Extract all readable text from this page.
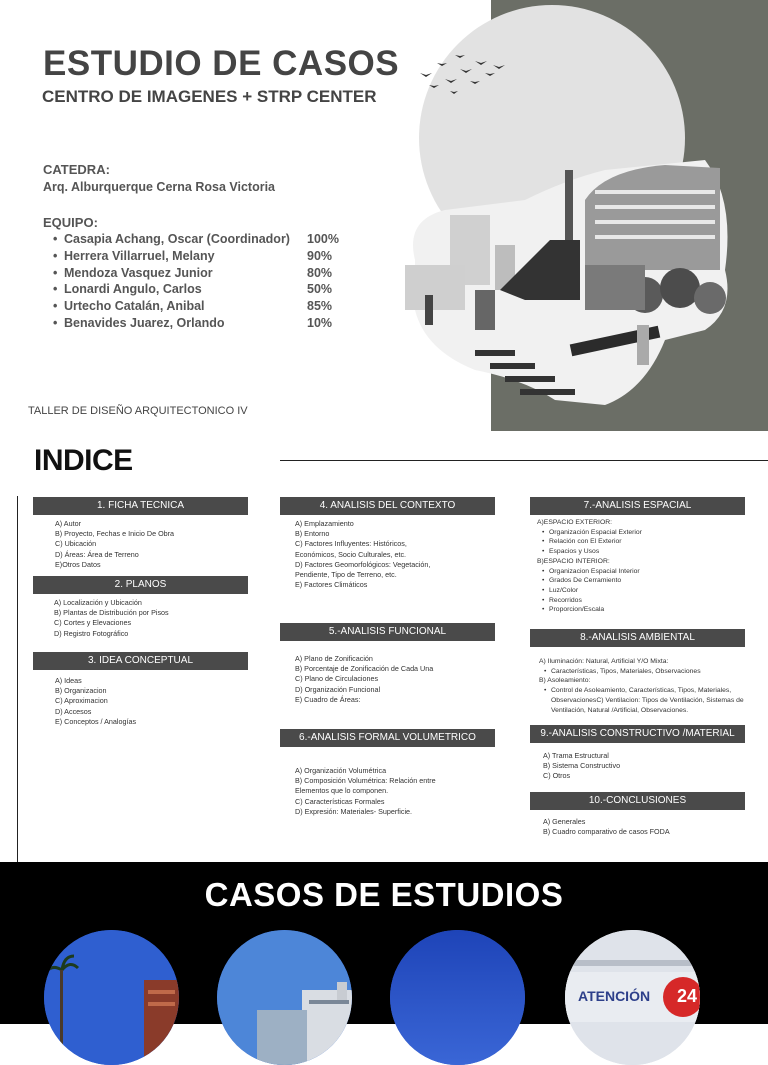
ESTUDIO DE CASOS
CENTRO DE IMAGENES + STRP CENTER
CATEDRA:
Arq. Alburquerque Cerna Rosa Victoria
EQUIPO:
• Casapia Achang, Oscar (Coordinador) 100%
• Herrera Villarruel, Melany	90%
• Mendoza Vasquez Junior	80%
• Lonardi Angulo, Carlos	50%
• Urtecho Catalán, Anibal	85%
• Benavides Juarez, Orlando	10%
TALLER DE DISEÑO ARQUITECTONICO IV
INDICE
1. FICHA TECNICA
A) Autor
B) Proyecto, Fechas e Inicio De Obra
C) Ubicación
D) Áreas: Área de Terreno
E)Otros Datos
2. PLANOS
A) Localización y Ubicación
B) Plantas de Distribución por Pisos
C) Cortes y Elevaciones
D) Registro Fotográfico
3. IDEA CONCEPTUAL
A) Ideas
B) Organizacion
C) Aproximacion
D) Accesos
E) Conceptos / Analogías
4. ANALISIS DEL CONTEXTO
A) Emplazamiento
B) Entorno
C) Factores Influyentes: Históricos, Económicos, Socio Culturales, etc.
D) Factores Geomorfológicos: Vegetación, Pendiente, Tipo de Terreno, etc.
E) Factores Climáticos
5.-ANALISIS FUNCIONAL
A) Plano de Zonificación
B) Porcentaje de Zonificación de Cada Una
C) Plano de Circulaciones
D) Organización Funcional
E) Cuadro de Áreas:
6.-ANALISIS FORMAL VOLUMETRICO
A) Organización Volumétrica
B) Composición Volumétrica: Relación entre Elementos que lo componen.
C) Características Formales
D) Expresión: Materiales- Superficie.
7.-ANALISIS ESPACIAL
A)ESPACIO EXTERIOR:
• Organización Espacial Exterior
• Relación con El Exterior
• Espacios y Usos
B)ESPACIO INTERIOR:
• Organizacion Espacial Interior
• Grados De Cerramiento
• Luz/Color
• Recorridos
• Proporcion/Escala
8.-ANALISIS AMBIENTAL
A) Iluminación: Natural, Artificial Y/O Mixta:
• Características, Tipos, Materiales, Observaciones
B) Asoleamiento:
• Control de Asoleamiento, Características, Tipos, Materiales, ObservacionesC) Ventilacion: Tipos de Ventilación, Sistemas de Ventilación, Natural /Artificial, Observaciones.
9.-ANALISIS CONSTRUCTIVO /MATERIAL
A) Trama Estructural
B) Sistema Constructivo
C) Otros
10.-CONCLUSIONES
A) Generales
B) Cuadro comparativo de casos FODA
CASOS DE ESTUDIOS
ATENCIÓN	24
